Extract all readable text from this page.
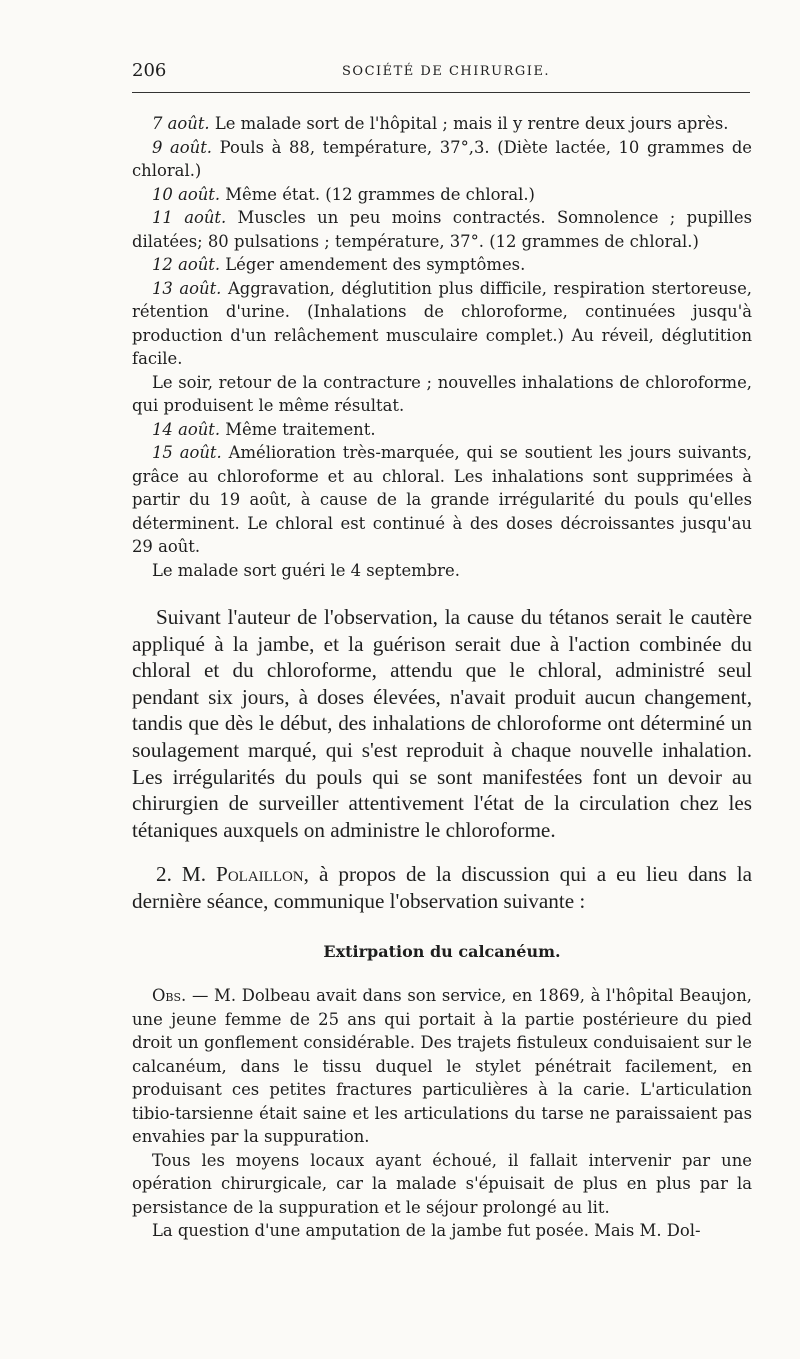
206	SOCIÉTÉ DE CHIRURGIE.

7 août. Le malade sort de l'hôpital ; mais il y rentre deux jours après.

9 août. Pouls à 88, température, 37°,3. (Diète lactée, 10 grammes de chloral.)

10 août. Même état. (12 grammes de chloral.)

11 août. Muscles un peu moins contractés. Somnolence ; pupilles dilatées; 80 pulsations ; température, 37°. (12 grammes de chloral.)

12 août. Léger amendement des symptômes.

13 août. Aggravation, déglutition plus difficile, respiration stertoreuse, rétention d'urine. (Inhalations de chloroforme, continuées jusqu'à production d'un relâchement musculaire complet.) Au réveil, déglutition facile.

Le soir, retour de la contracture ; nouvelles inhalations de chloroforme, qui produisent le même résultat.

14 août. Même traitement.

15 août. Amélioration très-marquée, qui se soutient les jours suivants, grâce au chloroforme et au chloral. Les inhalations sont supprimées à partir du 19 août, à cause de la grande irrégularité du pouls qu'elles déterminent. Le chloral est continué à des doses décroissantes jusqu'au 29 août.

Le malade sort guéri le 4 septembre.

Suivant l'auteur de l'observation, la cause du tétanos serait le cautère appliqué à la jambe, et la guérison serait due à l'action combinée du chloral et du chloroforme, attendu que le chloral, administré seul pendant six jours, à doses élevées, n'avait produit aucun changement, tandis que dès le début, des inhalations de chloroforme ont déterminé un soulagement marqué, qui s'est reproduit à chaque nouvelle inhalation. Les irrégularités du pouls qui se sont manifestées font un devoir au chirurgien de surveiller attentivement l'état de la circulation chez les tétaniques auxquels on administre le chloroforme.

2. M. Polaillon, à propos de la discussion qui a eu lieu dans la dernière séance, communique l'observation suivante :

Extirpation du calcanéum.

Obs. — M. Dolbeau avait dans son service, en 1869, à l'hôpital Beaujon, une jeune femme de 25 ans qui portait à la partie postérieure du pied droit un gonflement considérable. Des trajets fistuleux conduisaient sur le calcanéum, dans le tissu duquel le stylet pénétrait facilement, en produisant ces petites fractures particulières à la carie. L'articulation tibio-tarsienne était saine et les articulations du tarse ne paraissaient pas envahies par la suppuration.

Tous les moyens locaux ayant échoué, il fallait intervenir par une opération chirurgicale, car la malade s'épuisait de plus en plus par la persistance de la suppuration et le séjour prolongé au lit.

La question d'une amputation de la jambe fut posée. Mais M. Dol-
